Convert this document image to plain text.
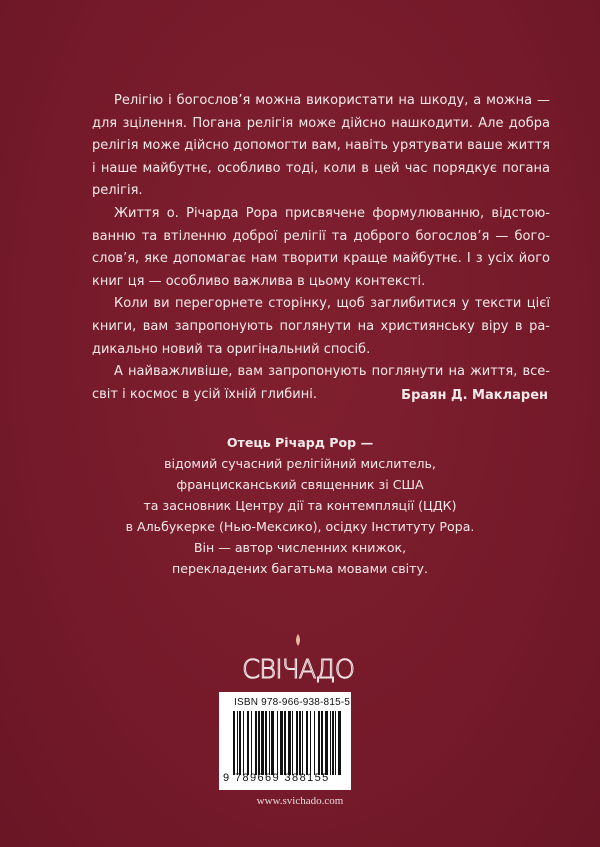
Релігію і богослов’я можна використати на шкоду, а можна — для зцілення. Погана релігія може дійсно нашкодити. Але добра релігія може дійсно допомогти вам, навіть урятувати ваше життя і наше майбутнє, особливо тоді, коли в цей час порядкує погана релігія.

Життя о. Річарда Рора присвячене формулюванню, відстоюванню та втіленню доброї релігії та доброго богослов’я — богослов’я, яке допомагає нам творити краще майбутнє. І з усіх його книг ця — особливо важлива в цьому контексті.

Коли ви перегорнете сторінку, щоб заглибитися у тексти цієї книги, вам запропонують поглянути на християнську віру в радикально новий та оригінальний спосіб.

А найважливіше, вам запропонують поглянути на життя, всесвіт і космос в усій їхній глибині.	Браян Д. Макларен
Отець Річард Рор —
відомий сучасний релігійний мислитель,
францисканський священник зі США
та засновник Центру дії та контемпляції (ЦДК)
в Альбукерке (Нью-Мексико), осідку Інституту Рора.
Він — автор численних книжок,
перекладених багатьма мовами світу.
СВІЧАДО
ISBN 978-966-938-815-5
9 789669 388155
www.svichado.com
